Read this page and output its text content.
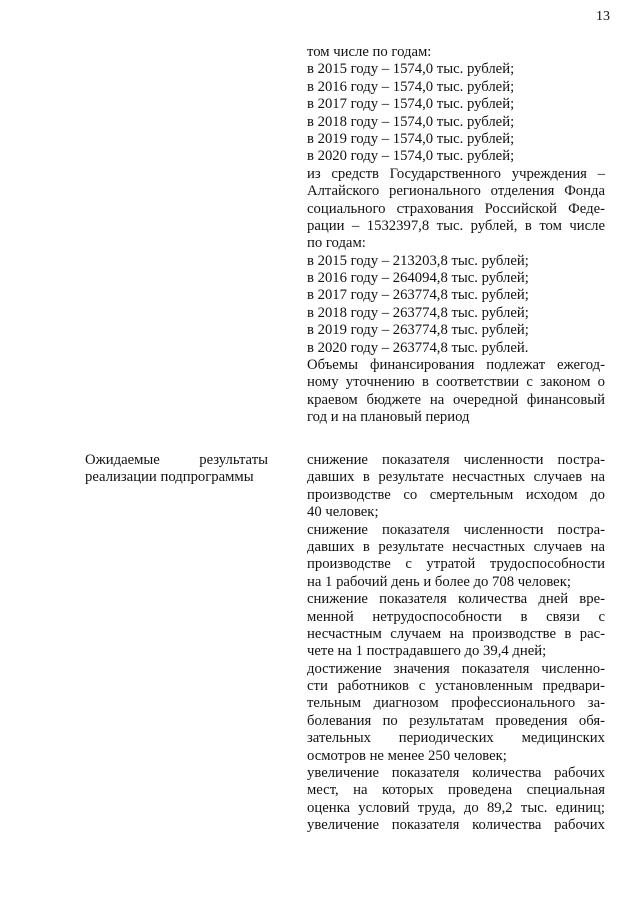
13
том числе по годам:
в 2015 году – 1574,0 тыс. рублей;
в 2016 году – 1574,0 тыс. рублей;
в 2017 году – 1574,0 тыс. рублей;
в 2018 году – 1574,0 тыс. рублей;
в 2019 году – 1574,0 тыс. рублей;
в 2020 году – 1574,0 тыс. рублей;
из средств Государственного учреждения –
Алтайского регионального отделения Фонда
социального страхования Российской Феде-
рации – 1532397,8 тыс. рублей, в том числе
по годам:
в 2015 году – 213203,8 тыс. рублей;
в 2016 году – 264094,8 тыс. рублей;
в 2017 году – 263774,8 тыс. рублей;
в 2018 году – 263774,8 тыс. рублей;
в 2019 году – 263774,8 тыс. рублей;
в 2020 году – 263774,8 тыс. рублей.
Объемы финансирования подлежат ежегод-
ному уточнению в соответствии с законом о
краевом бюджете на очередной финансовый
год и на плановый период
Ожидаемые результаты
реализации подпрограммы
снижение показателя численности постра-
давших в результате несчастных случаев на
производстве со смертельным исходом до
40 человек;
снижение показателя численности постра-
давших в результате несчастных случаев на
производстве с утратой трудоспособности
на 1 рабочий день и более до 708 человек;
снижение показателя количества дней вре-
менной нетрудоспособности в связи с
несчастным случаем на производстве в рас-
чете на 1 пострадавшего до 39,4 дней;
достижение значения показателя численно-
сти работников с установленным предвари-
тельным диагнозом профессионального за-
болевания по результатам проведения обя-
зательных периодических медицинских
осмотров не менее 250 человек;
увеличение показателя количества рабочих
мест, на которых проведена специальная
оценка условий труда, до 89,2 тыс. единиц;
увеличение показателя количества рабочих
